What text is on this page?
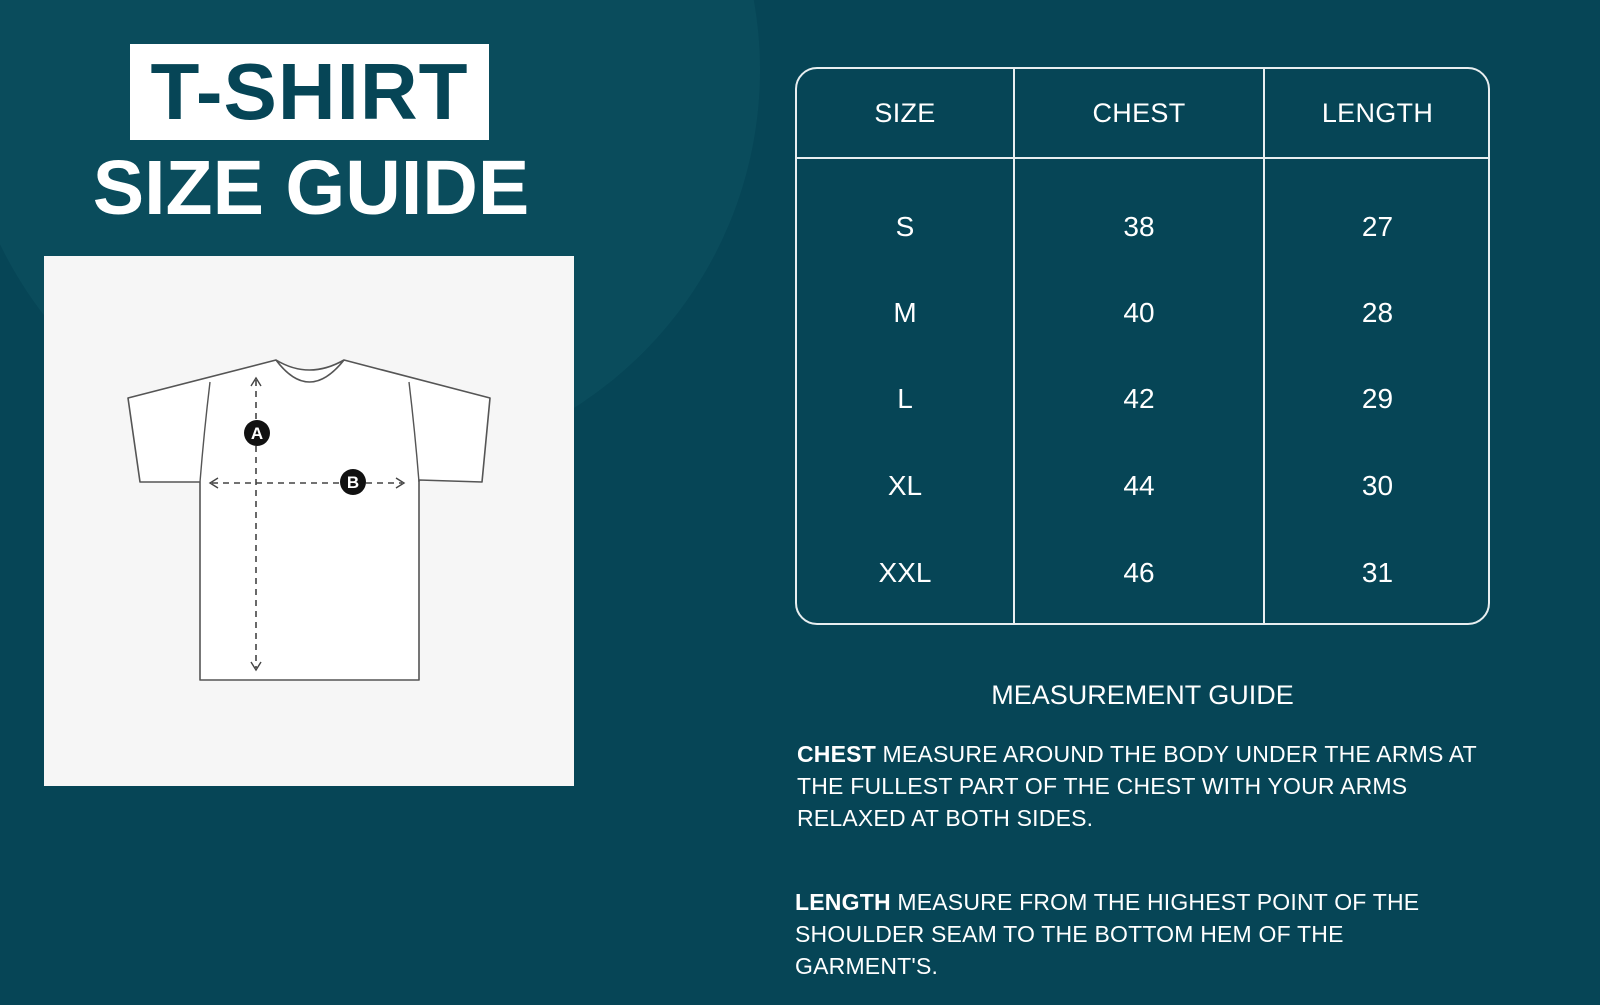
T-SHIRT
SIZE GUIDE
A
B
SIZE	CHEST	LENGTH
S	38	27
M	40	28
L	42	29
XL	44	30
XXL	46	31
MEASUREMENT GUIDE
CHEST MEASURE AROUND THE BODY UNDER THE ARMS AT THE FULLEST PART OF THE CHEST WITH YOUR ARMS RELAXED AT BOTH SIDES.
LENGTH MEASURE FROM THE HIGHEST POINT OF THE SHOULDER SEAM TO THE BOTTOM HEM OF THE GARMENT'S.
